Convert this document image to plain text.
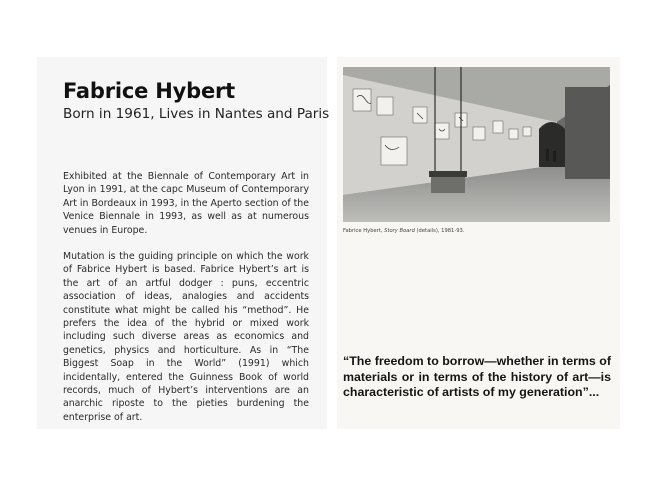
Fabrice Hybert

Born in 1961, Lives in Nantes and Paris

Exhibited at the Biennale of Contemporary Art in Lyon in 1991, at the capc Museum of Contemporary Art in Bordeaux in 1993, in the Aperto section of the Venice Biennale in 1993, as well as at numerous venues in Europe.

Mutation is the guiding principle on which the work of Fabrice Hybert is based. Fabrice Hybert’s art is the art of an artful dodger : puns, eccentric association of ideas, analogies and accidents constitute what might be called his “method”. He prefers the idea of the hybrid or mixed work including such diverse areas as economics and genetics, physics and horticulture. As in “The Biggest Soap in the World” (1991) which incidentally, entered the Guinness Book of world records, much of Hybert’s interventions are an anarchic riposte to the pieties burdening the enterprise of art.

Fabrice Hybert, Story Board (details), 1981-93.

“The freedom to borrow—whether in terms of materials or in terms of the history of art—is characteristic of artists of my generation”...
